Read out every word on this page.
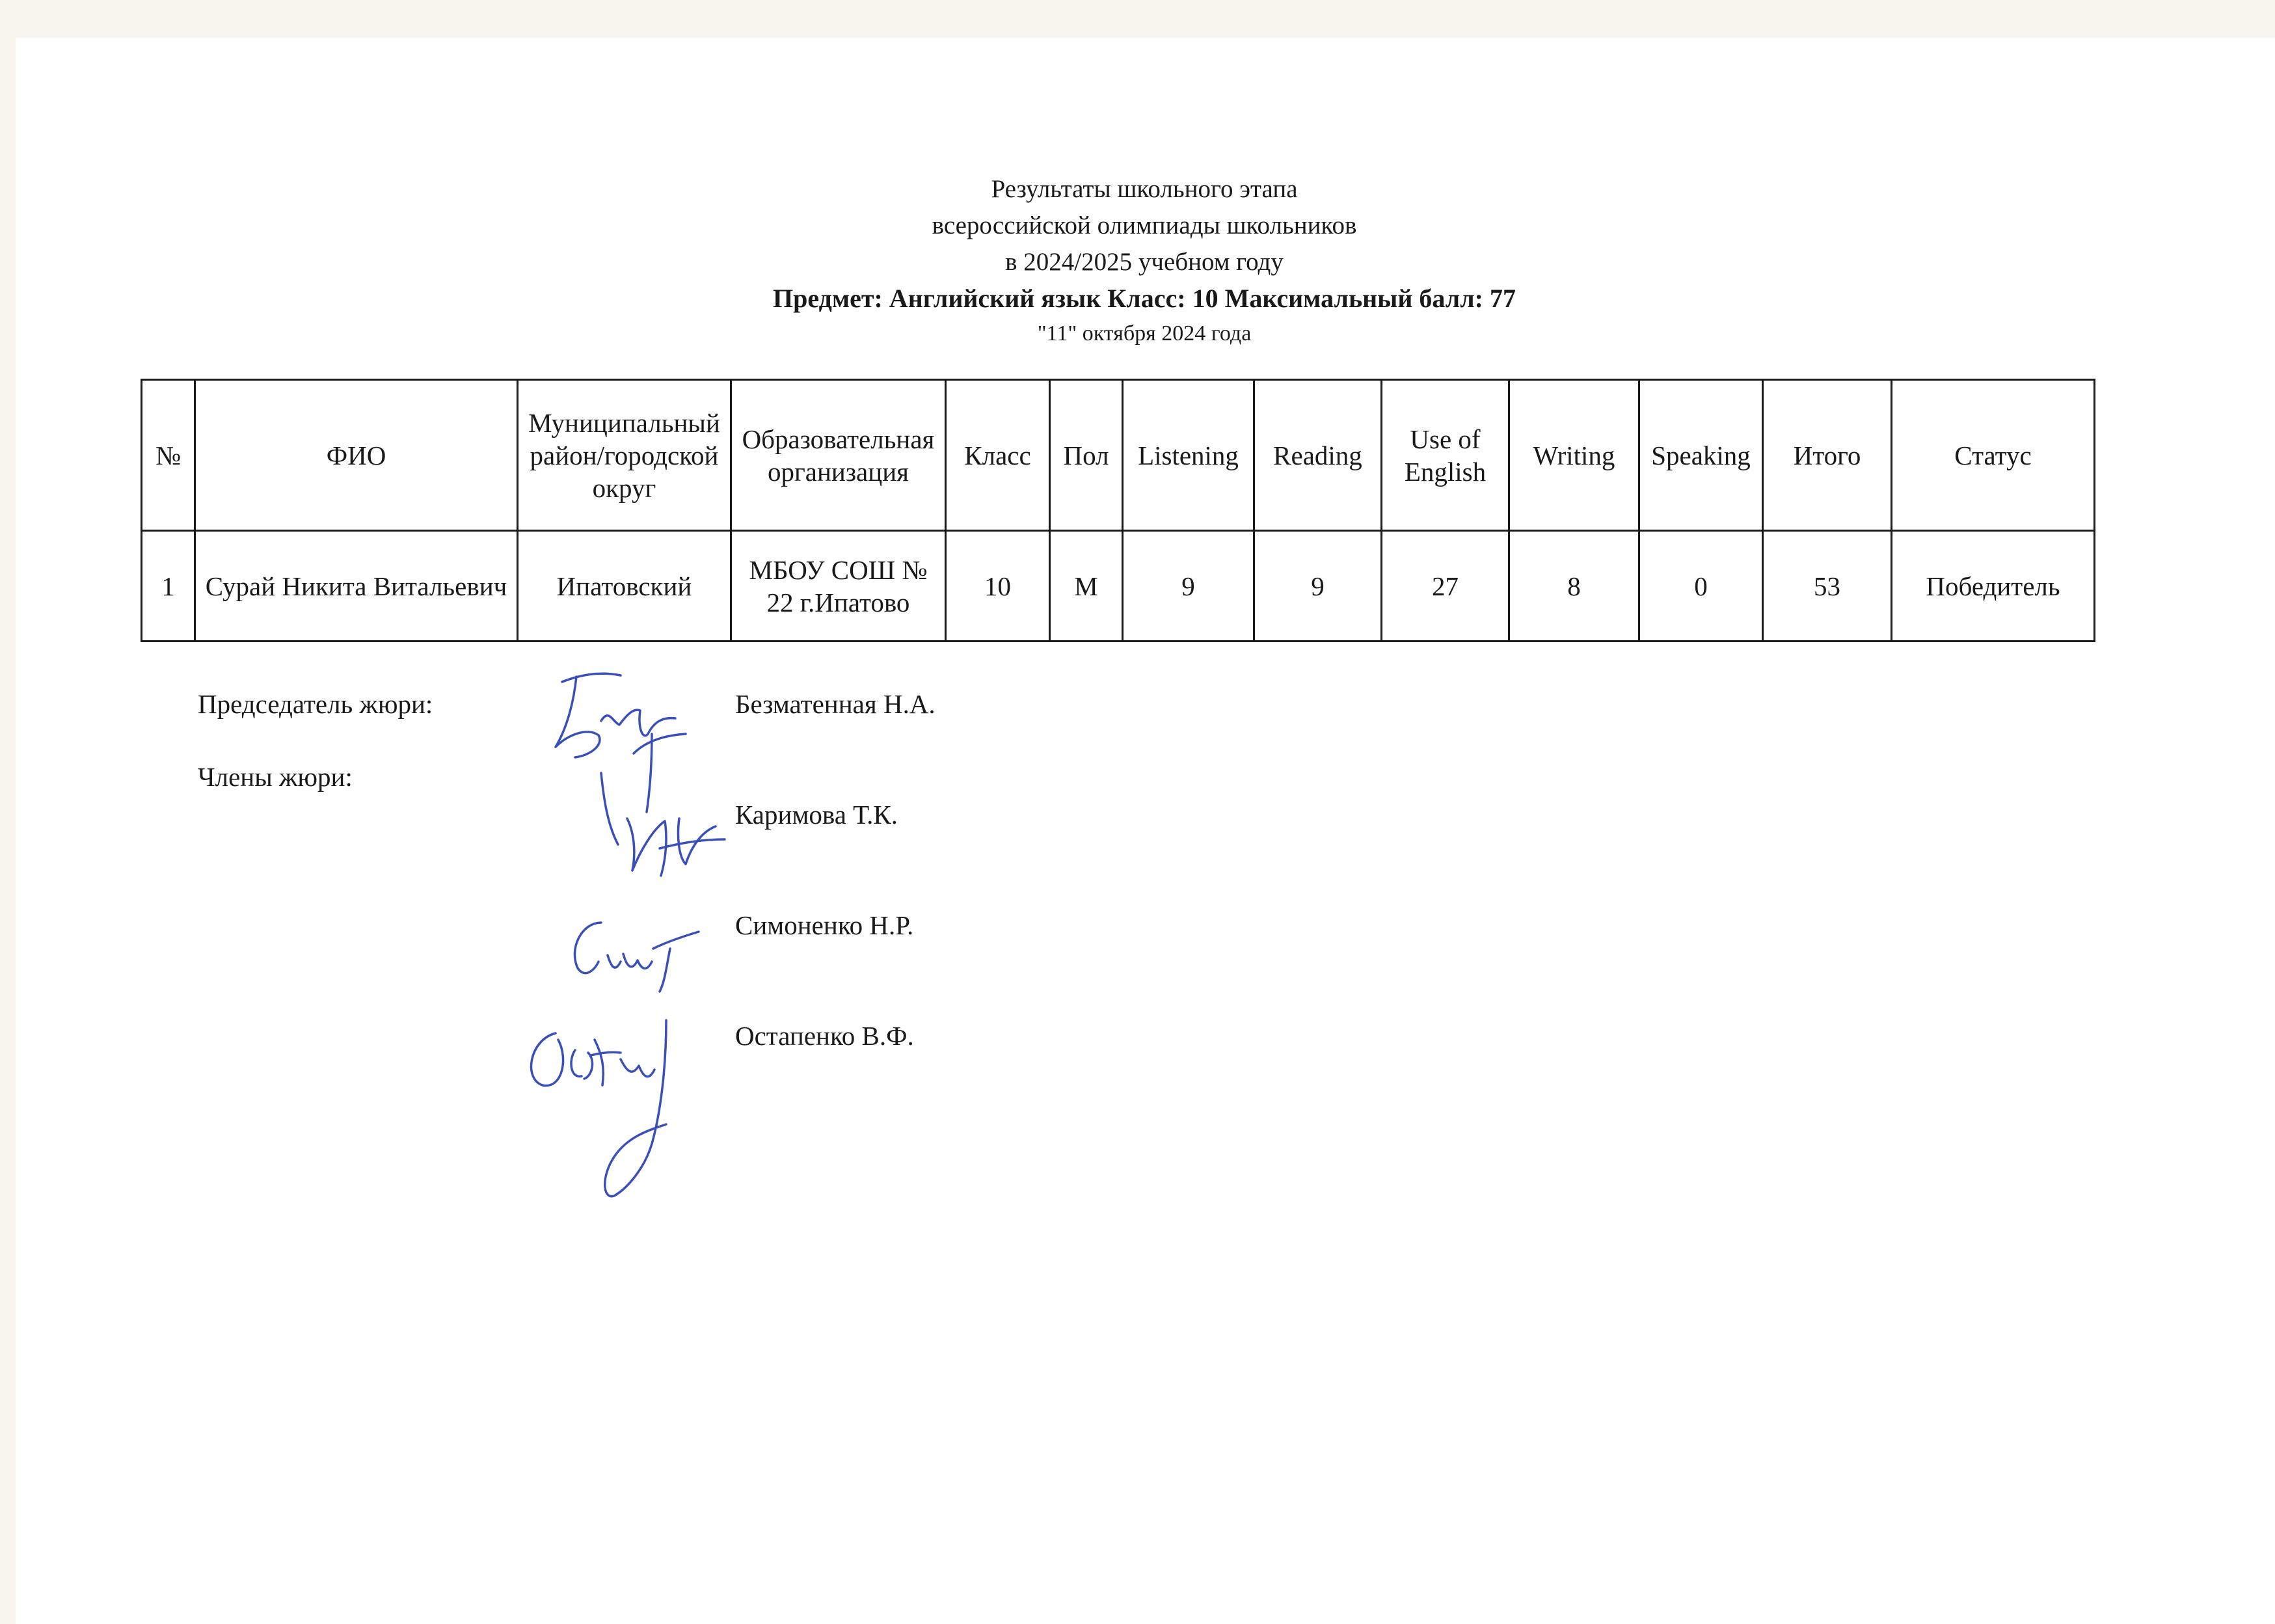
Результаты школьного этапа
всероссийской олимпиады школьников
в 2024/2025 учебном году
Предмет: Английский язык Класс: 10 Максимальный балл: 77
"11" октября 2024 года
№	ФИО	Муниципальный район/городской округ	Образовательная организация	Класс	Пол	Listening	Reading	Use of English	Writing	Speaking	Итого	Статус
1	Сурай Никита Витальевич	Ипатовский	МБОУ СОШ № 22 г.Ипатово	10	М	9	9	27	8	0	53	Победитель
Председатель жюри:
Члены жюри:
Безматенная Н.А.
Каримова Т.К.
Симоненко Н.Р.
Остапенко В.Ф.
